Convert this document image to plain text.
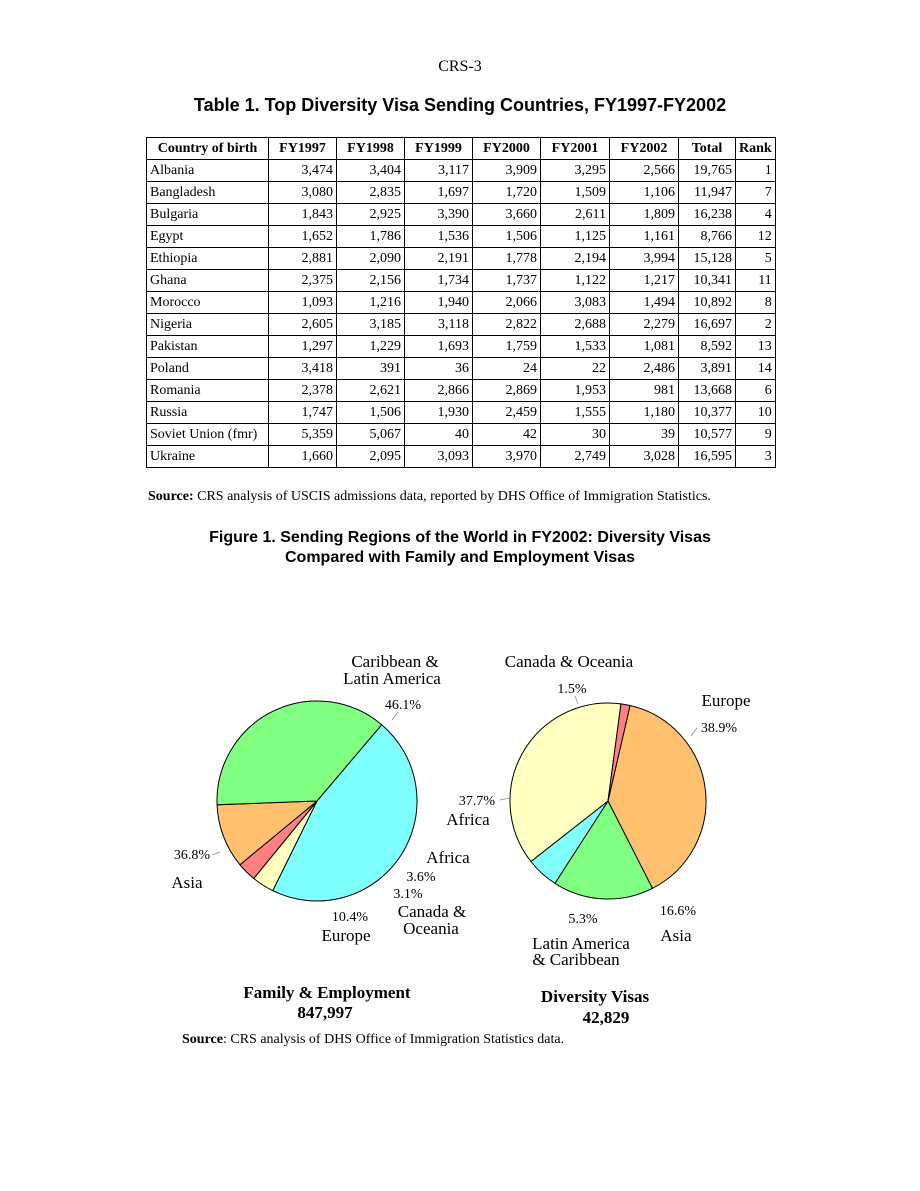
CRS-3
Table 1. Top Diversity Visa Sending Countries, FY1997-FY2002
Country of birth	FY1997	FY1998	FY1999	FY2000	FY2001	FY2002	Total	Rank
Albania	3,474	3,404	3,117	3,909	3,295	2,566	19,765	1
Bangladesh	3,080	2,835	1,697	1,720	1,509	1,106	11,947	7
Bulgaria	1,843	2,925	3,390	3,660	2,611	1,809	16,238	4
Egypt	1,652	1,786	1,536	1,506	1,125	1,161	8,766	12
Ethiopia	2,881	2,090	2,191	1,778	2,194	3,994	15,128	5
Ghana	2,375	2,156	1,734	1,737	1,122	1,217	10,341	11
Morocco	1,093	1,216	1,940	2,066	3,083	1,494	10,892	8
Nigeria	2,605	3,185	3,118	2,822	2,688	2,279	16,697	2
Pakistan	1,297	1,229	1,693	1,759	1,533	1,081	8,592	13
Poland	3,418	391	36	24	22	2,486	3,891	14
Romania	2,378	2,621	2,866	2,869	1,953	981	13,668	6
Russia	1,747	1,506	1,930	2,459	1,555	1,180	10,377	10
Soviet Union (fmr)	5,359	5,067	40	42	30	39	10,577	9
Ukraine	1,660	2,095	3,093	3,970	2,749	3,028	16,595	3
Source: CRS analysis of USCIS admissions data, reported by DHS Office of Immigration Statistics.
Figure 1. Sending Regions of the World in FY2002: Diversity Visas
Compared with Family and Employment Visas
Caribbean &
Latin America
46.1%
Africa
3.6%
3.1%
Canada &
Oceania
10.4%
Europe
36.8%
Asia
Canada & Oceania
1.5%
Europe
38.9%
37.7%
Africa
16.6%
Asia
5.3%
Latin America
& Caribbean
Family & Employment
847,997
Diversity Visas
42,829
Source: CRS analysis of DHS Office of Immigration Statistics data.
